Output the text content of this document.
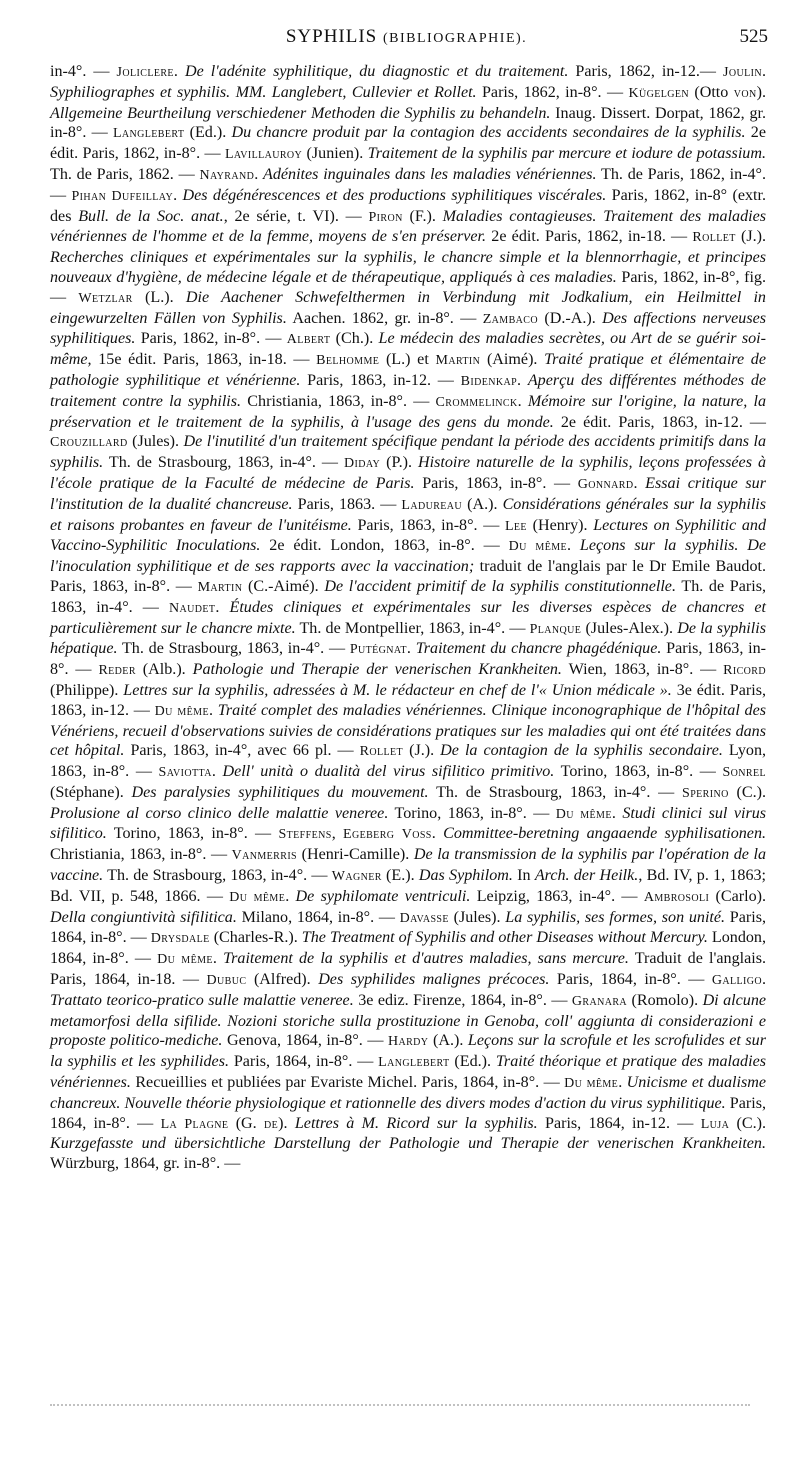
SYPHILIS (BIBLIOGRAPHIE).	525

in-4°. — Joliclere. De l'adénite syphilitique, du diagnostic et du traitement. Paris, 1862, in-12.— Joulin. Syphiliographes et syphilis. MM. Langlebert, Cullevier et Rollet. Paris, 1862, in-8°. — Kügelgen (Otto von). Allgemeine Beurtheilung verschiedener Methoden die Syphilis zu behandeln. Inaug. Dissert. Dorpat, 1862, gr. in-8°. — Langlebert (Ed.). Du chancre produit par la contagion des accidents secondaires de la syphilis. 2e édit. Paris, 1862, in-8°. — Lavillauroy (Junien). Traitement de la syphilis par mercure et iodure de potassium. Th. de Paris, 1862. — Nayrand. Adénites inguinales dans les maladies vénériennes. Th. de Paris, 1862, in-4°. — Pihan Dufeillay. Des dégénérescences et des productions syphilitiques viscérales. Paris, 1862, in-8° (extr. des Bull. de la Soc. anat., 2e série, t. VI). — Piron (F.). Maladies contagieuses. Traitement des maladies vénériennes de l'homme et de la femme, moyens de s'en préserver. 2e édit. Paris, 1862, in-18. — Rollet (J.). Recherches cliniques et expérimentales sur la syphilis, le chancre simple et la blennorrhagie, et principes nouveaux d'hygiène, de médecine légale et de thérapeutique, appliqués à ces maladies. Paris, 1862, in-8°, fig. — Wetzlar (L.). Die Aachener Schwefelthermen in Verbindung mit Jodkalium, ein Heilmittel in eingewurzelten Fällen von Syphilis. Aachen. 1862, gr. in-8°. — Zambaco (D.-A.). Des affections nerveuses syphilitiques. Paris, 1862, in-8°. — Albert (Ch.). Le médecin des maladies secrètes, ou Art de se guérir soi-même, 15e édit. Paris, 1863, in-18. — Belhomme (L.) et Martin (Aimé). Traité pratique et élémentaire de pathologie syphilitique et vénérienne. Paris, 1863, in-12. — Bidenkap. Aperçu des différentes méthodes de traitement contre la syphilis. Christiania, 1863, in-8°. — Crommelinck. Mémoire sur l'origine, la nature, la préservation et le traitement de la syphilis, à l'usage des gens du monde. 2e édit. Paris, 1863, in-12. — Crouzillard (Jules). De l'inutilité d'un traitement spécifique pendant la période des accidents primitifs dans la syphilis. Th. de Strasbourg, 1863, in-4°. — Diday (P.). Histoire naturelle de la syphilis, leçons professées à l'école pratique de la Faculté de médecine de Paris. Paris, 1863, in-8°. — Gonnard. Essai critique sur l'institution de la dualité chancreuse. Paris, 1863. — Ladureau (A.). Considérations générales sur la syphilis et raisons probantes en faveur de l'unitéisme. Paris, 1863, in-8°. — Lee (Henry). Lectures on Syphilitic and Vaccino-Syphilitic Inoculations. 2e édit. London, 1863, in-8°. — Du même. Leçons sur la syphilis. De l'inoculation syphilitique et de ses rapports avec la vaccination; traduit de l'anglais par le Dr Emile Baudot. Paris, 1863, in-8°. — Martin (C.-Aimé). De l'accident primitif de la syphilis constitutionnelle. Th. de Paris, 1863, in-4°. — Naudet. Études cliniques et expérimentales sur les diverses espèces de chancres et particulièrement sur le chancre mixte. Th. de Montpellier, 1863, in-4°. — Planque (Jules-Alex.). De la syphilis hépatique. Th. de Strasbourg, 1863, in-4°. — Putégnat. Traitement du chancre phagédénique. Paris, 1863, in-8°. — Reder (Alb.). Pathologie und Therapie der venerischen Krankheiten. Wien, 1863, in-8°. — Ricord (Philippe). Lettres sur la syphilis, adressées à M. le rédacteur en chef de l'« Union médicale ». 3e édit. Paris, 1863, in-12. — Du même. Traité complet des maladies vénériennes. Clinique inconographique de l'hôpital des Vénériens, recueil d'observations suivies de considérations pratiques sur les maladies qui ont été traitées dans cet hôpital. Paris, 1863, in-4°, avec 66 pl. — Rollet (J.). De la contagion de la syphilis secondaire. Lyon, 1863, in-8°. — Saviotta. Dell' unità o dualità del virus sifilitico primitivo. Torino, 1863, in-8°. — Sonrel (Stéphane). Des paralysies syphilitiques du mouvement. Th. de Strasbourg, 1863, in-4°. — Sperino (C.). Prolusione al corso clinico delle malattie veneree. Torino, 1863, in-8°. — Du même. Studi clinici sul virus sifilitico. Torino, 1863, in-8°. — Steffens, Egeberg Voss. Committee-beretning angaaende syphilisationen. Christiania, 1863, in-8°. — Vanmerris (Henri-Camille). De la transmission de la syphilis par l'opération de la vaccine. Th. de Strasbourg, 1863, in-4°. — Wagner (E.). Das Syphilom. In Arch. der Heilk., Bd. IV, p. 1, 1863; Bd. VII, p. 548, 1866. — Du même. De syphilomate ventriculi. Leipzig, 1863, in-4°. — Ambrosoli (Carlo). Della congiuntività sifilitica. Milano, 1864, in-8°. — Davasse (Jules). La syphilis, ses formes, son unité. Paris, 1864, in-8°. — Drysdale (Charles-R.). The Treatment of Syphilis and other Diseases without Mercury. London, 1864, in-8°. — Du même. Traitement de la syphilis et d'autres maladies, sans mercure. Traduit de l'anglais. Paris, 1864, in-18. — Dubuc (Alfred). Des syphilides malignes précoces. Paris, 1864, in-8°. — Galligo. Trattato teorico-pratico sulle malattie veneree. 3e ediz. Firenze, 1864, in-8°. — Granara (Romolo). Di alcune metamorfosi della sifilide. Nozioni storiche sulla prostituzione in Genoba, coll' aggiunta di considerazioni e proposte politico-mediche. Genova, 1864, in-8°. — Hardy (A.). Leçons sur la scrofule et les scrofulides et sur la syphilis et les syphilides. Paris, 1864, in-8°. — Langlebert (Ed.). Traité théorique et pratique des maladies vénériennes. Recueillies et publiées par Evariste Michel. Paris, 1864, in-8°. — Du même. Unicisme et dualisme chancreux. Nouvelle théorie physiologique et rationnelle des divers modes d'action du virus syphilitique. Paris, 1864, in-8°. — La Plagne (G. de). Lettres à M. Ricord sur la syphilis. Paris, 1864, in-12. — Luja (C.). Kurzgefasste und übersichtliche Darstellung der Pathologie und Therapie der venerischen Krankheiten. Würzburg, 1864, gr. in-8°. —
